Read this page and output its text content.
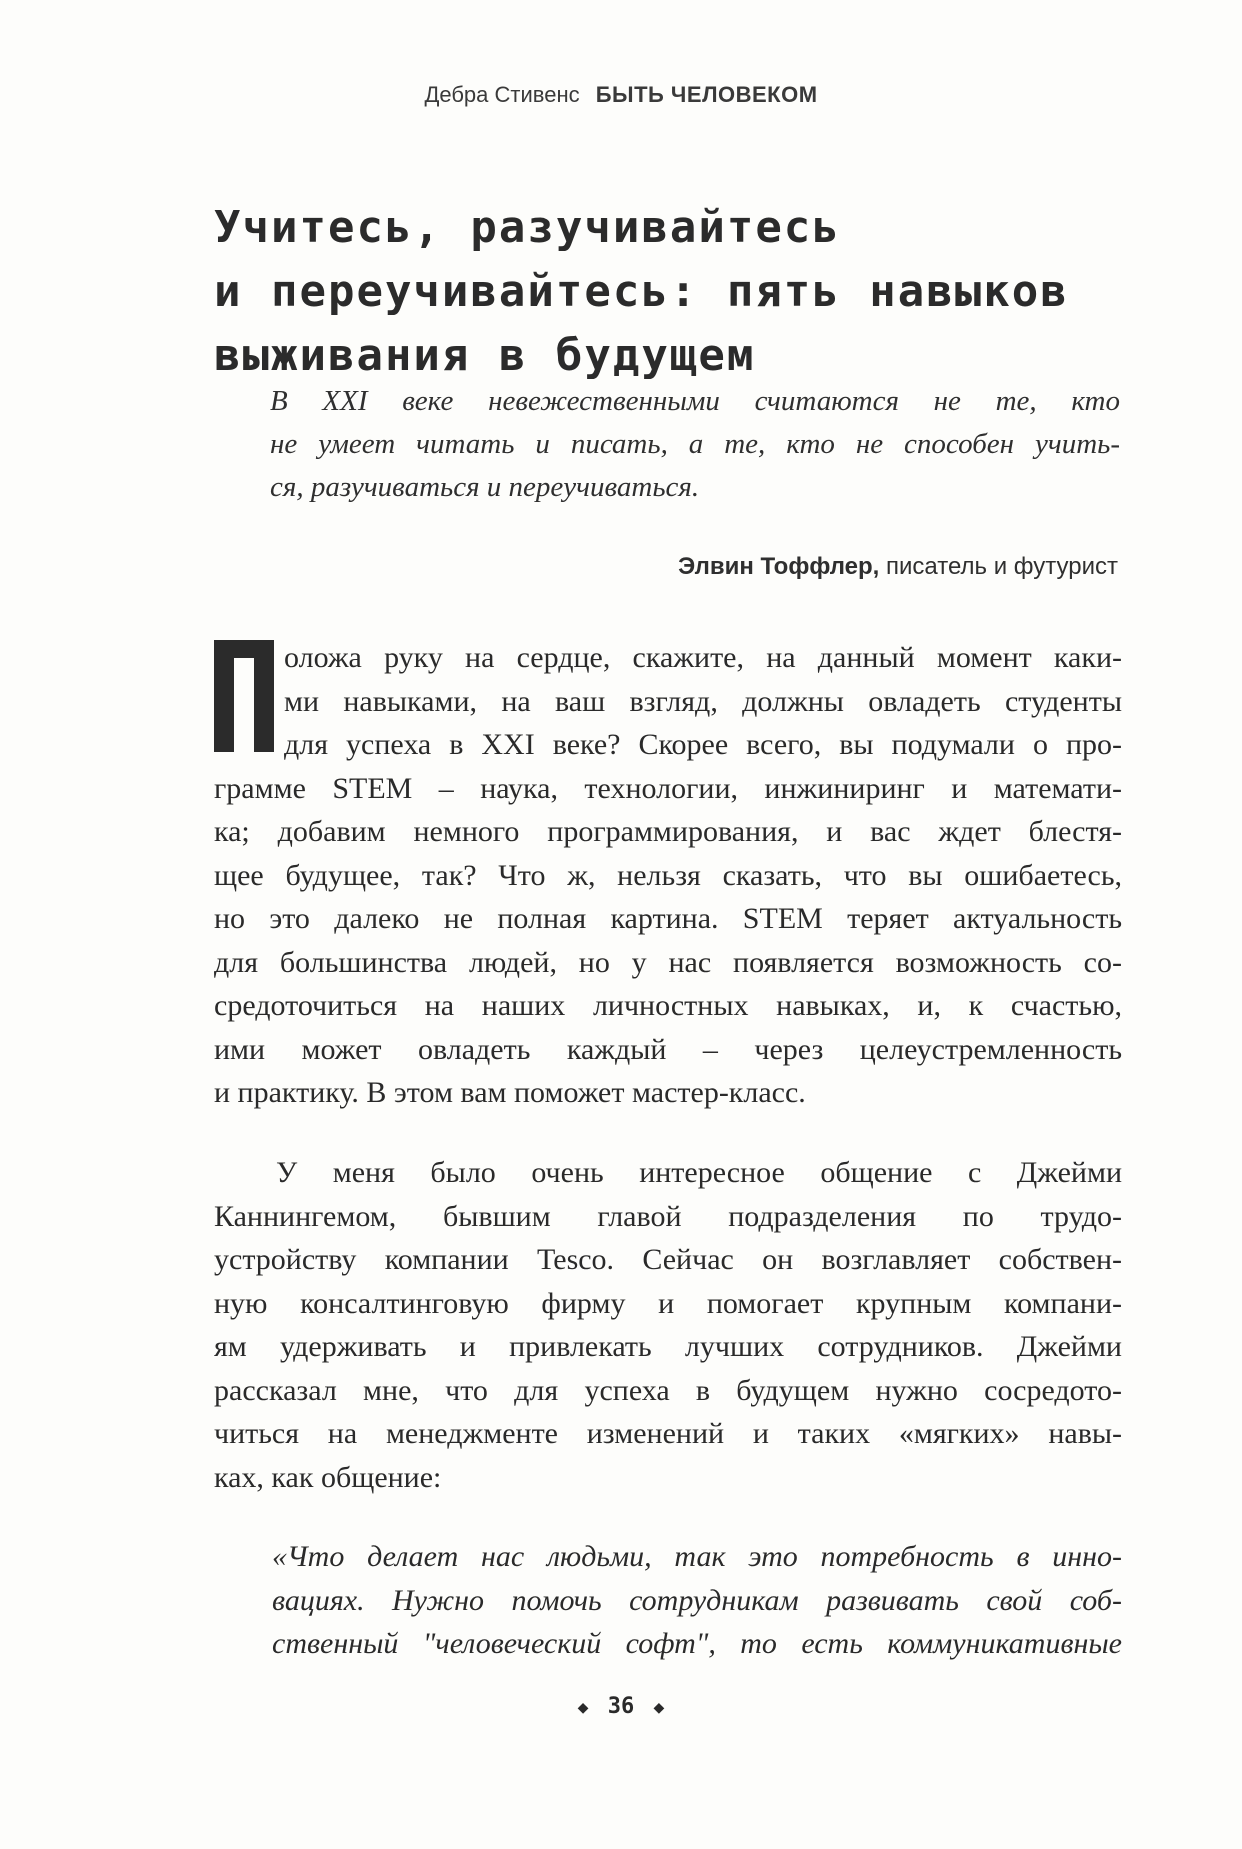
Дебра Стивенс БЫТЬ ЧЕЛОВЕКОМ
Учитесь, разучивайтесь
и переучивайтесь: пять навыков
выживания в будущем
В XXI веке невежественными считаются не те, кто
не умеет читать и писать, а те, кто не способен учить-
ся, разучиваться и переучиваться.
Элвин Тоффлер, писатель и футурист
оложа руку на сердце, скажите, на данный момент каки-
ми навыками, на ваш взгляд, должны овладеть студенты
для успеха в XXI веке? Скорее всего, вы подумали о про-
грамме STEM – наука, технологии, инжиниринг и математи-
ка; добавим немного программирования, и вас ждет блестя-
щее будущее, так? Что ж, нельзя сказать, что вы ошибаетесь,
но это далеко не полная картина. STEM теряет актуальность
для большинства людей, но у нас появляется возможность со-
средоточиться на наших личностных навыках, и, к счастью,
ими может овладеть каждый – через целеустремленность
и практику. В этом вам поможет мастер-класс.
У меня было очень интересное общение с Джейми
Каннингемом, бывшим главой подразделения по трудо-
устройству компании Tesco. Сейчас он возглавляет собствен-
ную консалтинговую фирму и помогает крупным компани-
ям удерживать и привлекать лучших сотрудников. Джейми
рассказал мне, что для успеха в будущем нужно сосредото-
читься на менеджменте изменений и таких «мягких» навы-
ках, как общение:
«Что делает нас людьми, так это потребность в инно-
вациях. Нужно помочь сотрудникам развивать свой соб-
ственный "человеческий софт", то есть коммуникативные
◆ 36 ◆
